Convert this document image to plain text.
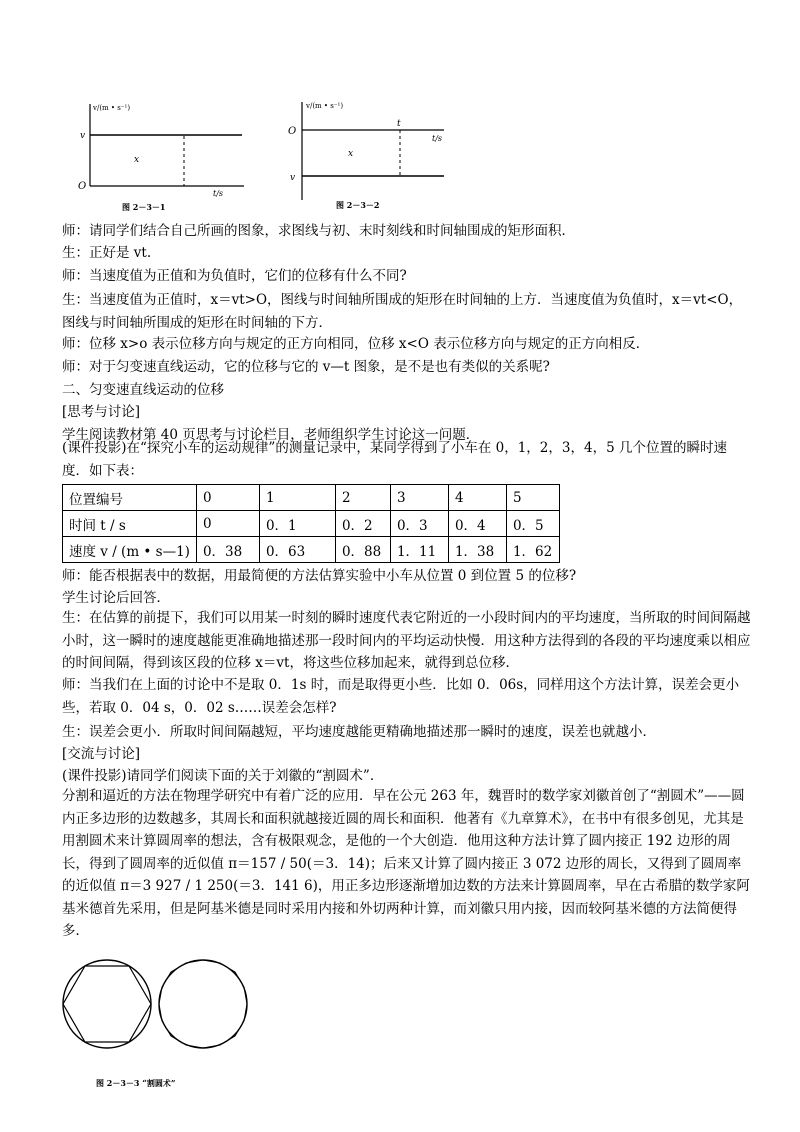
v/(m • s⁻¹)
v
O
x
t/s
图 2－3－1
v/(m • s⁻¹)
O
t
t/s
x
v
图 2－3－2

师：请同学们结合自己所画的图象，求图线与初、末时刻线和时间轴围成的矩形面积．

生：正好是 vt.

师：当速度值为正值和为负值时，它们的位移有什么不同?

生：当速度值为正值时，x＝vt>O，图线与时间轴所围成的矩形在时间轴的上方．当速度值为负值时，x＝vt<O，图线与时间轴所围成的矩形在时间轴的下方．

师：位移 x>o 表示位移方向与规定的正方向相同，位移 x<O 表示位移方向与规定的正方向相反．

师：对于匀变速直线运动，它的位移与它的 v—t 图象，是不是也有类似的关系呢?

二、匀变速直线运动的位移

[思考与讨论]

学生阅读教材第 40 页思考与讨论栏目，老师组织学生讨论这一问题．

(课件投影)在“探究小车的运动规律”的测量记录中，某同学得到了小车在 0，1，2，3，4，5 几个位置的瞬时速度．如下表：

位置编号	0	1	2	3	4	5
时间 t / s	0	0．1	0．2	0．3	0．4	0．5
速度 v / (m • s—1)	0．38	0．63	0．88	1．11	1．38	1．62

师：能否根据表中的数据，用最简便的方法估算实验中小车从位置 0 到位置 5 的位移?

学生讨论后回答．

生：在估算的前提下，我们可以用某一时刻的瞬时速度代表它附近的一小段时间内的平均速度，当所取的时间间隔越小时，这一瞬时的速度越能更准确地描述那一段时间内的平均运动快慢．用这种方法得到的各段的平均速度乘以相应的时间间隔，得到该区段的位移 x＝vt，将这些位移加起来，就得到总位移．

师：当我们在上面的讨论中不是取 0．1s 时，而是取得更小些．比如 0．06s，同样用这个方法计算，误差会更小些，若取 0．04 s，0．02 s……误差会怎样?

生：误差会更小．所取时间间隔越短，平均速度越能更精确地描述那一瞬时的速度，误差也就越小．

[交流与讨论]

(课件投影)请同学们阅读下面的关于刘徽的“割圆术”．

分割和逼近的方法在物理学研究中有着广泛的应用．早在公元 263 年，魏晋时的数学家刘徽首创了“割圆术”——圆内正多边形的边数越多，其周长和面积就越接近圆的周长和面积．他著有《九章算术》，在书中有很多创见，尤其是用割圆术来计算圆周率的想法，含有极限观念，是他的一个大创造．他用这种方法计算了圆内接正 192 边形的周长，得到了圆周率的近似值 π＝157 / 50(＝3．14)；后来又计算了圆内接正 3 072 边形的周长，又得到了圆周率的近似值 π＝3 927 / 1 250(＝3．141 6)，用正多边形逐渐增加边数的方法来计算圆周率，早在古希腊的数学家阿基米德首先采用，但是阿基米德是同时采用内接和外切两种计算，而刘徽只用内接，因而较阿基米德的方法简便得多．

图 2－3－3 “割圆术”
